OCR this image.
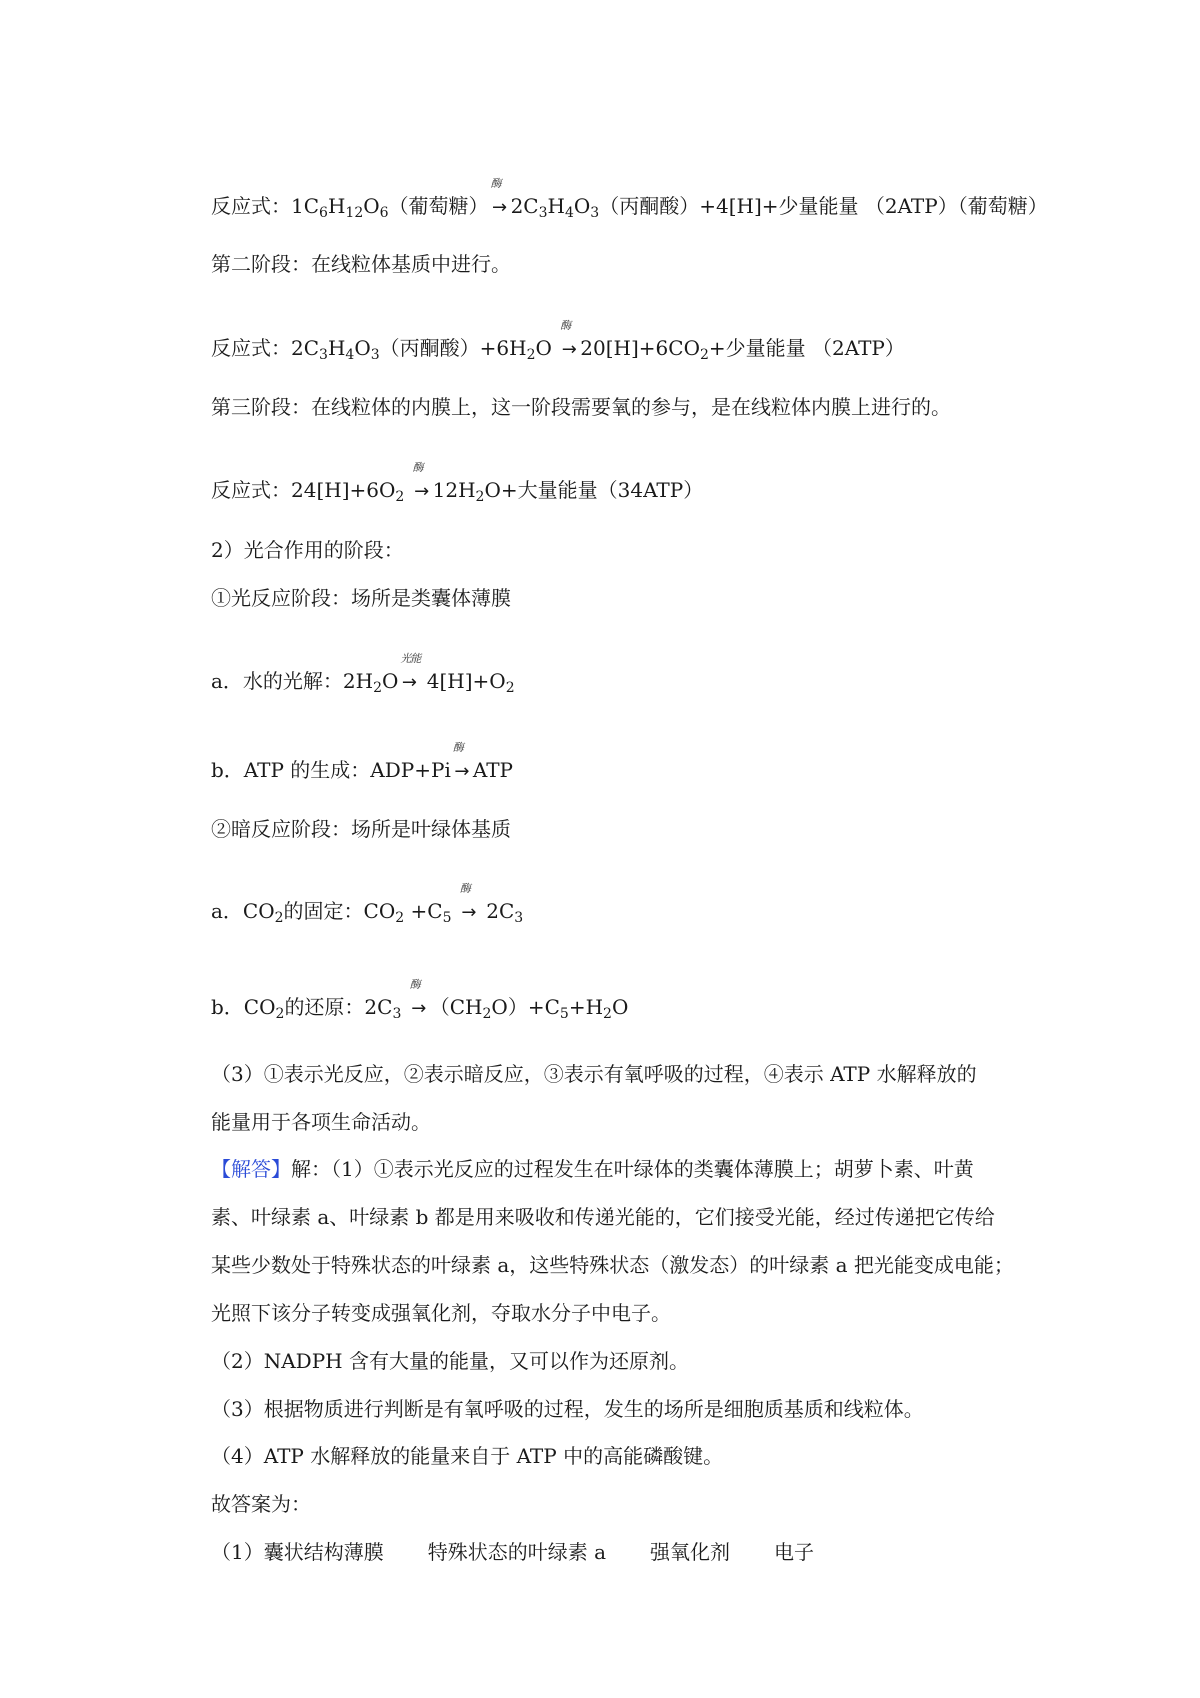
反应式：$1C_6H_{12}O_6$（葡萄糖）
酶
→ $2C_3H_4O_3$（丙酮酸）+4[H]+少量能量 （2ATP）（葡萄糖）
第二阶段：在线粒体基质中进行。
反应式：$2C_3H_4O_3$（丙酮酸）$+6H_2O$
酶
→ $20[H]+6CO_2+$少量能量 （2ATP）
第三阶段：在线粒体的内膜上，这一阶段需要氧的参与，是在线粒体内膜上进行的。
反应式：$24[H]+6O_2$
酶
→ $12H_2O+$大量能量（34ATP）
2）光合作用的阶段：
①光反应阶段：场所是类囊体薄膜
a．水的光解：$2H_2O$
光能
→ $4[H]+O_2$
b．ATP 的生成：ADP+Pi
酶
→ ATP
②暗反应阶段：场所是叶绿体基质
a．$CO_2$的固定：$CO_2 +C_5$
酶
→ $2C_3$
b．$CO_2$的还原：$2C_3$
酶
→ $(CH_2O)+C_5+H_2O$
（3）①表示光反应，②表示暗反应，③表示有氧呼吸的过程，④表示 ATP 水解释放的
能量用于各项生命活动。
【解答】解：（1）①表示光反应的过程发生在叶绿体的类囊体薄膜上；胡萝卜素、叶黄
素、叶绿素 a、叶绿素 b 都是用来吸收和传递光能的，它们接受光能，经过传递把它传给
某些少数处于特殊状态的叶绿素 a，这些特殊状态（激发态）的叶绿素 a 把光能变成电能；
光照下该分子转变成强氧化剂，夺取水分子中电子。
（2）NADPH 含有大量的能量，又可以作为还原剂。
（3）根据物质进行判断是有氧呼吸的过程，发生的场所是细胞质基质和线粒体。
（4）ATP 水解释放的能量来自于 ATP 中的高能磷酸键。
故答案为：
（1）囊状结构薄膜 特殊状态的叶绿素 a 强氧化剂 电子
